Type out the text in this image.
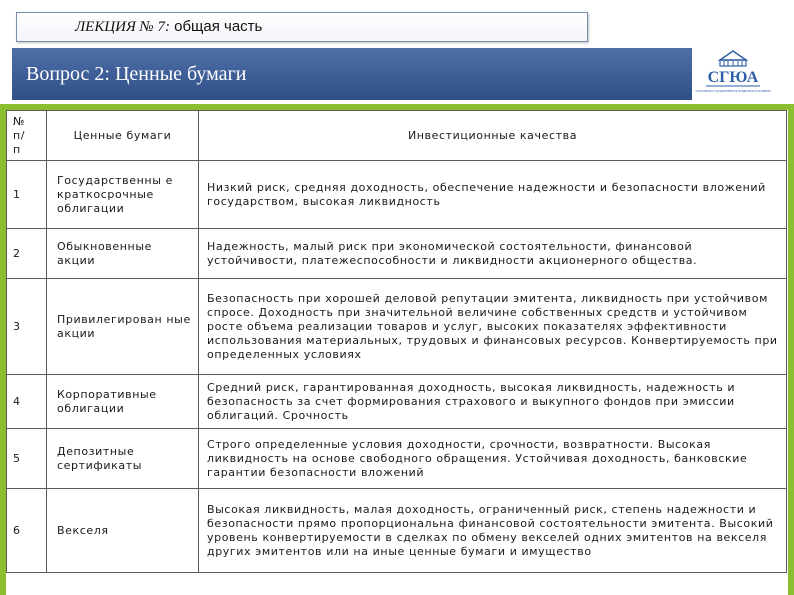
ЛЕКЦИЯ № 7: общая часть
Вопрос 2: Ценные бумаги	СГЮА
САРАТОВСКАЯ ГОСУДАРСТВЕННАЯ ЮРИДИЧЕСКАЯ АКАДЕМИЯ
№
п/
п	Ценные бумаги	Инвестиционные качества
1	Государственны е краткосрочные облигации	Низкий риск, средняя доходность, обеспечение надежности и безопасности вложений государством, высокая ликвидность
2	Обыкновенные акции	Надежность, малый риск при экономической состоятельности, финансовой устойчивости, платежеспособности и ликвидности акционерного общества.
3	Привилегирован ные акции	Безопасность при хорошей деловой репутации эмитента, ликвидность при устойчивом спросе. Доходность при значительной величине собственных средств и устойчивом росте объема реализации товаров и услуг, высоких показателях эффективности использования материальных, трудовых и финансовых ресурсов. Конвертируемость при определенных условиях
4	Корпоративные облигации	Средний риск, гарантированная доходность, высокая ликвидность, надежность и безопасность за счет формирования страхового и выкупного фондов при эмиссии облигаций. Срочность
5	Депозитные сертификаты	Строго определенные условия доходности, срочности, возвратности. Высокая ликвидность на основе свободного обращения. Устойчивая доходность, банковские гарантии безопасности вложений
6	Векселя	Высокая ликвидность, малая доходность, ограниченный риск, степень надежности и безопасности прямо пропорциональна финансовой состоятельности эмитента. Высокий уровень конвертируемости в сделках по обмену векселей одних эмитентов на векселя других эмитентов или на иные ценные бумаги и имущество
